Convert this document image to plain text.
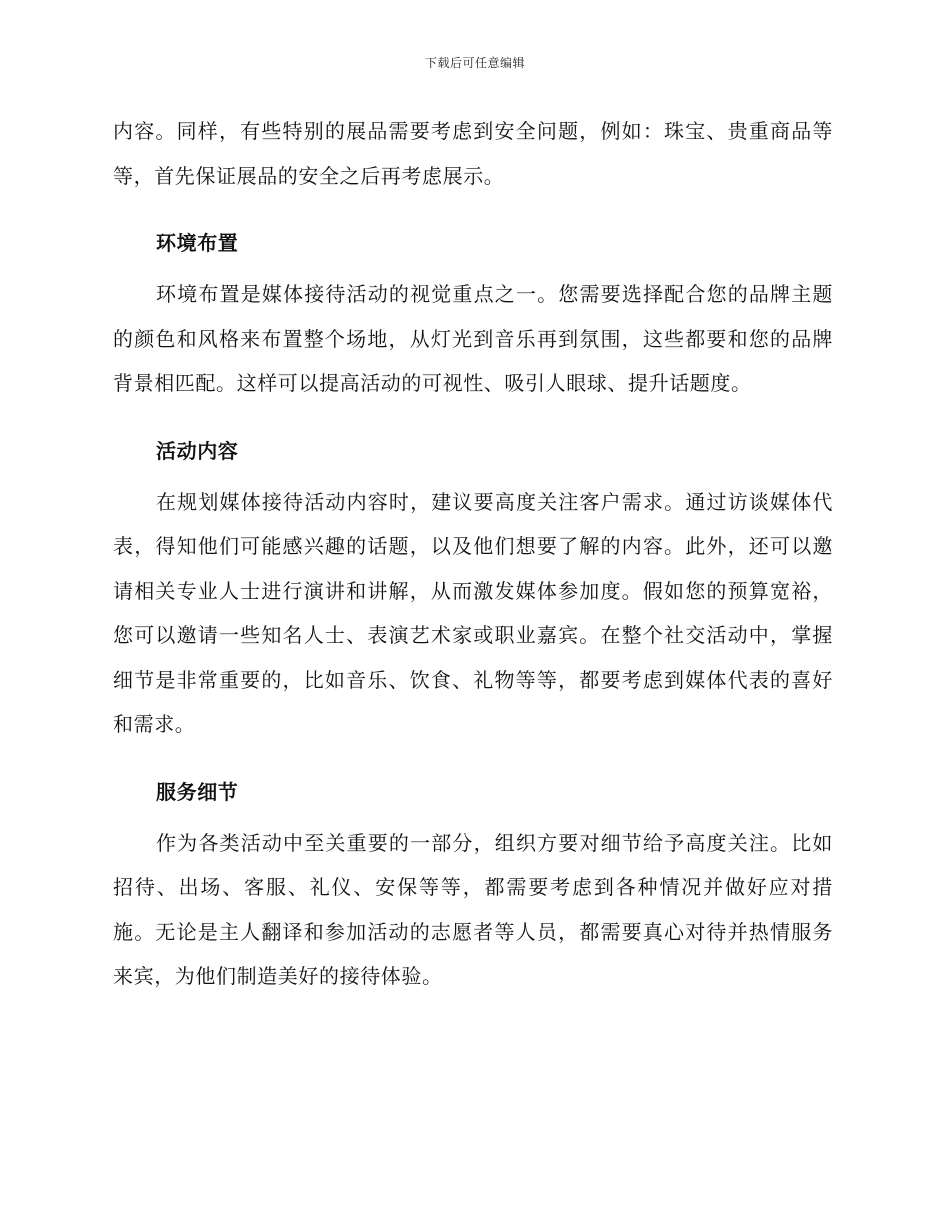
下载后可任意编辑

内容。同样，有些特别的展品需要考虑到安全问题，例如：珠宝、贵重商品等等，首先保证展品的安全之后再考虑展示。

环境布置

环境布置是媒体接待活动的视觉重点之一。您需要选择配合您的品牌主题的颜色和风格来布置整个场地，从灯光到音乐再到氛围，这些都要和您的品牌背景相匹配。这样可以提高活动的可视性、吸引人眼球、提升话题度。

活动内容

在规划媒体接待活动内容时，建议要高度关注客户需求。通过访谈媒体代表，得知他们可能感兴趣的话题，以及他们想要了解的内容。此外，还可以邀请相关专业人士进行演讲和讲解，从而激发媒体参加度。假如您的预算宽裕，您可以邀请一些知名人士、表演艺术家或职业嘉宾。在整个社交活动中，掌握细节是非常重要的，比如音乐、饮食、礼物等等，都要考虑到媒体代表的喜好和需求。

服务细节

作为各类活动中至关重要的一部分，组织方要对细节给予高度关注。比如招待、出场、客服、礼仪、安保等等，都需要考虑到各种情况并做好应对措施。无论是主人翻译和参加活动的志愿者等人员，都需要真心对待并热情服务来宾，为他们制造美好的接待体验。
